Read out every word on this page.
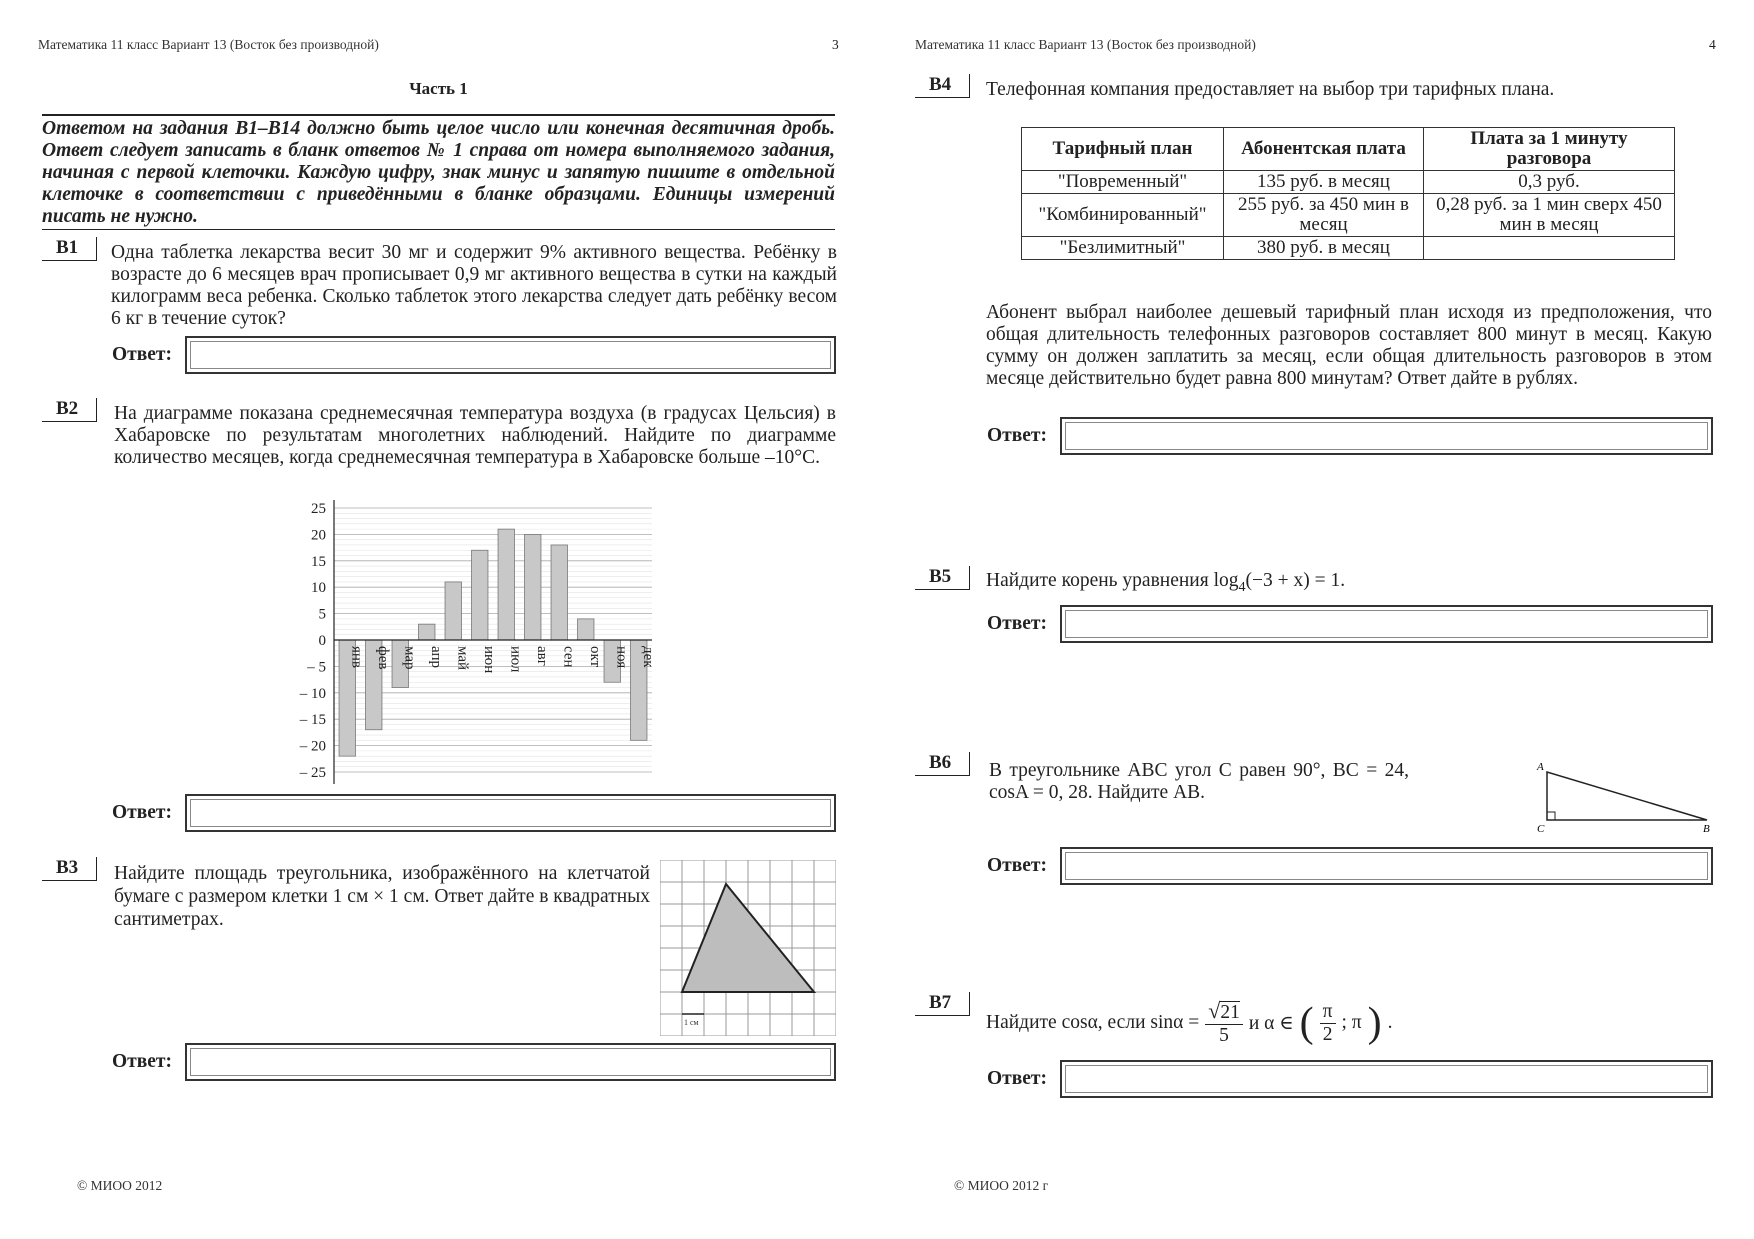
Математика 11 класс Вариант 13 (Восток без производной)	3
Часть 1
Ответом на задания В1–В14 должно быть целое число или конечная десятичная дробь. Ответ следует записать в бланк ответов № 1 справа от номера выполняемого задания, начиная с первой клеточки. Каждую цифру, знак минус и запятую пишите в отдельной клеточке в соответствии с приведёнными в бланке образцами. Единицы измерений писать не нужно.
B1	Одна таблетка лекарства весит 30 мг и содержит 9% активного вещества. Ребёнку в возрасте до 6 месяцев врач прописывает 0,9 мг активного вещества в сутки на каждый килограмм веса ребенка. Сколько таблеток этого лекарства следует дать ребёнку весом 6 кг в течение суток?
Ответ:
B2	На диаграмме показана среднемесячная температура воздуха (в градусах Цельсия) в Хабаровске по результатам многолетних наблюдений. Найдите по диаграмме количество месяцев, когда среднемесячная температура в Хабаровске больше –10°C.
25
20
15
10
5
0
– 5
– 10
– 15
– 20
– 25
янв фев мар апр май июн июл авг сен окт ноя дек
Ответ:
B3	Найдите площадь треугольника, изображённого на клетчатой бумаге с размером клетки 1 см × 1 см. Ответ дайте в квадратных сантиметрах.
1 см
Ответ:
© МИОО 2012
Математика 11 класс Вариант 13 (Восток без производной)	4
B4	Телефонная компания предоставляет на выбор три тарифных плана.
Тарифный план	Абонентская плата	Плата за 1 минуту разговора
"Повременный"	135 руб. в месяц	0,3 руб.
"Комбинированный"	255 руб. за 450 мин в месяц	0,28 руб. за 1 мин сверх 450 мин в месяц
"Безлимитный"	380 руб. в месяц	
Абонент выбрал наиболее дешевый тарифный план исходя из предположения, что общая длительность телефонных разговоров составляет 800 минут в месяц. Какую сумму он должен заплатить за месяц, если общая длительность разговоров в этом месяце действительно будет равна 800 минутам? Ответ дайте в рублях.
Ответ:
B5	Найдите корень уравнения $\log_4(-3 + x) = 1$.
Ответ:
B6	В треугольнике ABC угол C равен 90°, BC = 24, cosA = 0, 28. Найдите AB.
A
C	B
Ответ:
B7
Найдите cosα, если $\sin\alpha = \frac{√21}{5}$ и α ∈ ( $\frac{\pi}{2}$ ; π ) .
Ответ:
© МИОО 2012 г
